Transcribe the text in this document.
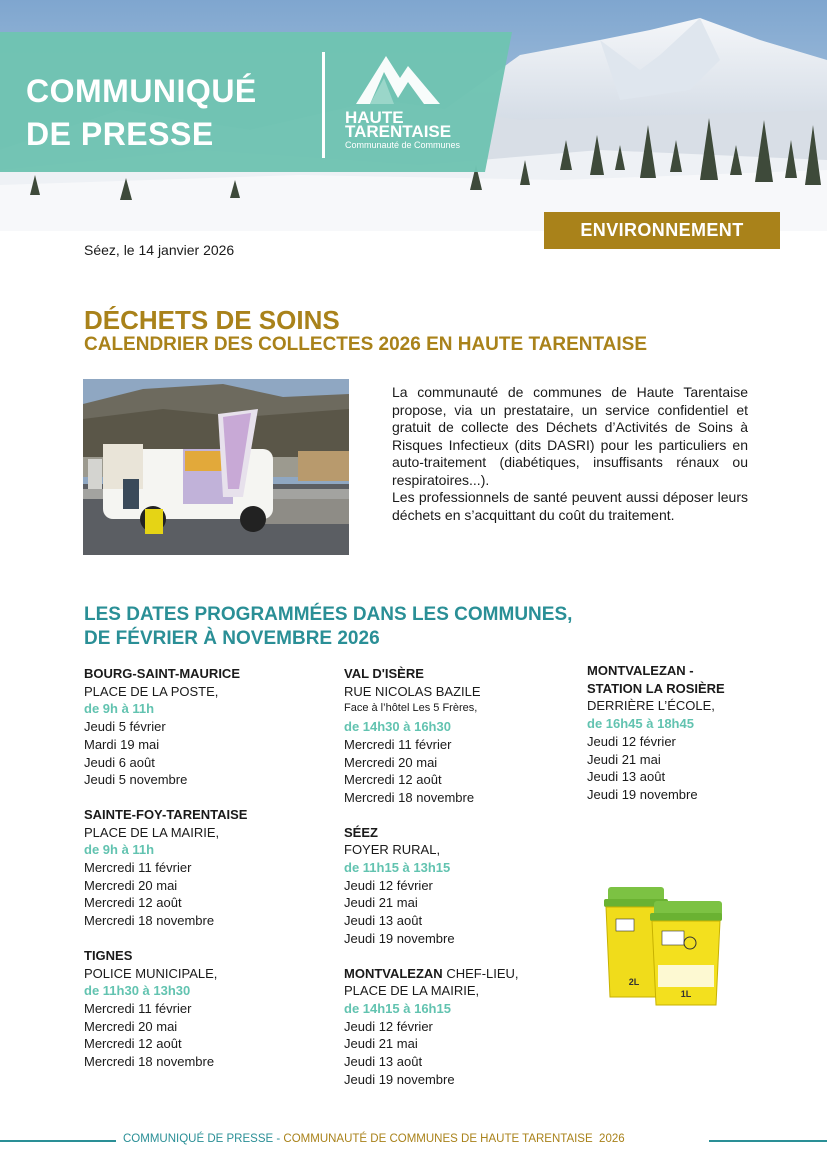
COMMUNIQUÉ
DE PRESSE	HAUTE
TARENTAISE
Communauté de Communes
ENVIRONNEMENT
Séez, le 14 janvier 2026
DÉCHETS DE SOINS
CALENDRIER DES COLLECTES 2026 EN HAUTE TARENTAISE

La communauté de communes de Haute Tarentaise propose, via un prestataire, un service confidentiel et gratuit de collecte des Déchets d’Activités de Soins à Risques Infectieux (dits DASRI) pour les particuliers en auto-traitement (diabétiques, insuffisants rénaux ou respiratoires...).

Les professionnels de santé peuvent aussi déposer leurs déchets en s’acquittant du coût du traitement.

LES DATES PROGRAMMÉES DANS LES COMMUNES,
DE FÉVRIER À NOVEMBRE 2026
BOURG-SAINT-MAURICE
PLACE DE LA POSTE,
de 9h à 11h
Jeudi 5 février
Mardi 19 mai
Jeudi 6 août
Jeudi 5 novembre
SAINTE-FOY-TARENTAISE
PLACE DE LA MAIRIE,
de 9h à 11h
Mercredi 11 février
Mercredi 20 mai
Mercredi 12 août
Mercredi 18 novembre
TIGNES
POLICE MUNICIPALE,
de 11h30 à 13h30
Mercredi 11 février
Mercredi 20 mai
Mercredi 12 août
Mercredi 18 novembre
VAL D'ISÈRE
RUE NICOLAS BAZILE
Face à l’hôtel Les 5 Frères,
de 14h30 à 16h30
Mercredi 11 février
Mercredi 20 mai
Mercredi 12 août
Mercredi 18 novembre
SÉEZ
FOYER RURAL,
de 11h15 à 13h15
Jeudi 12 février
Jeudi 21 mai
Jeudi 13 août
Jeudi 19 novembre
MONTVALEZAN CHEF-LIEU,
PLACE DE LA MAIRIE,
de 14h15 à 16h15
Jeudi 12 février
Jeudi 21 mai
Jeudi 13 août
Jeudi 19 novembre
MONTVALEZAN -
STATION LA ROSIÈRE
DERRIÈRE L’ÉCOLE,
de 16h45 à 18h45
Jeudi 12 février
Jeudi 21 mai
Jeudi 13 août
Jeudi 19 novembre
2L
1L
COMMUNIQUÉ DE PRESSE - COMMUNAUTÉ DE COMMUNES DE HAUTE TARENTAISE 2026
